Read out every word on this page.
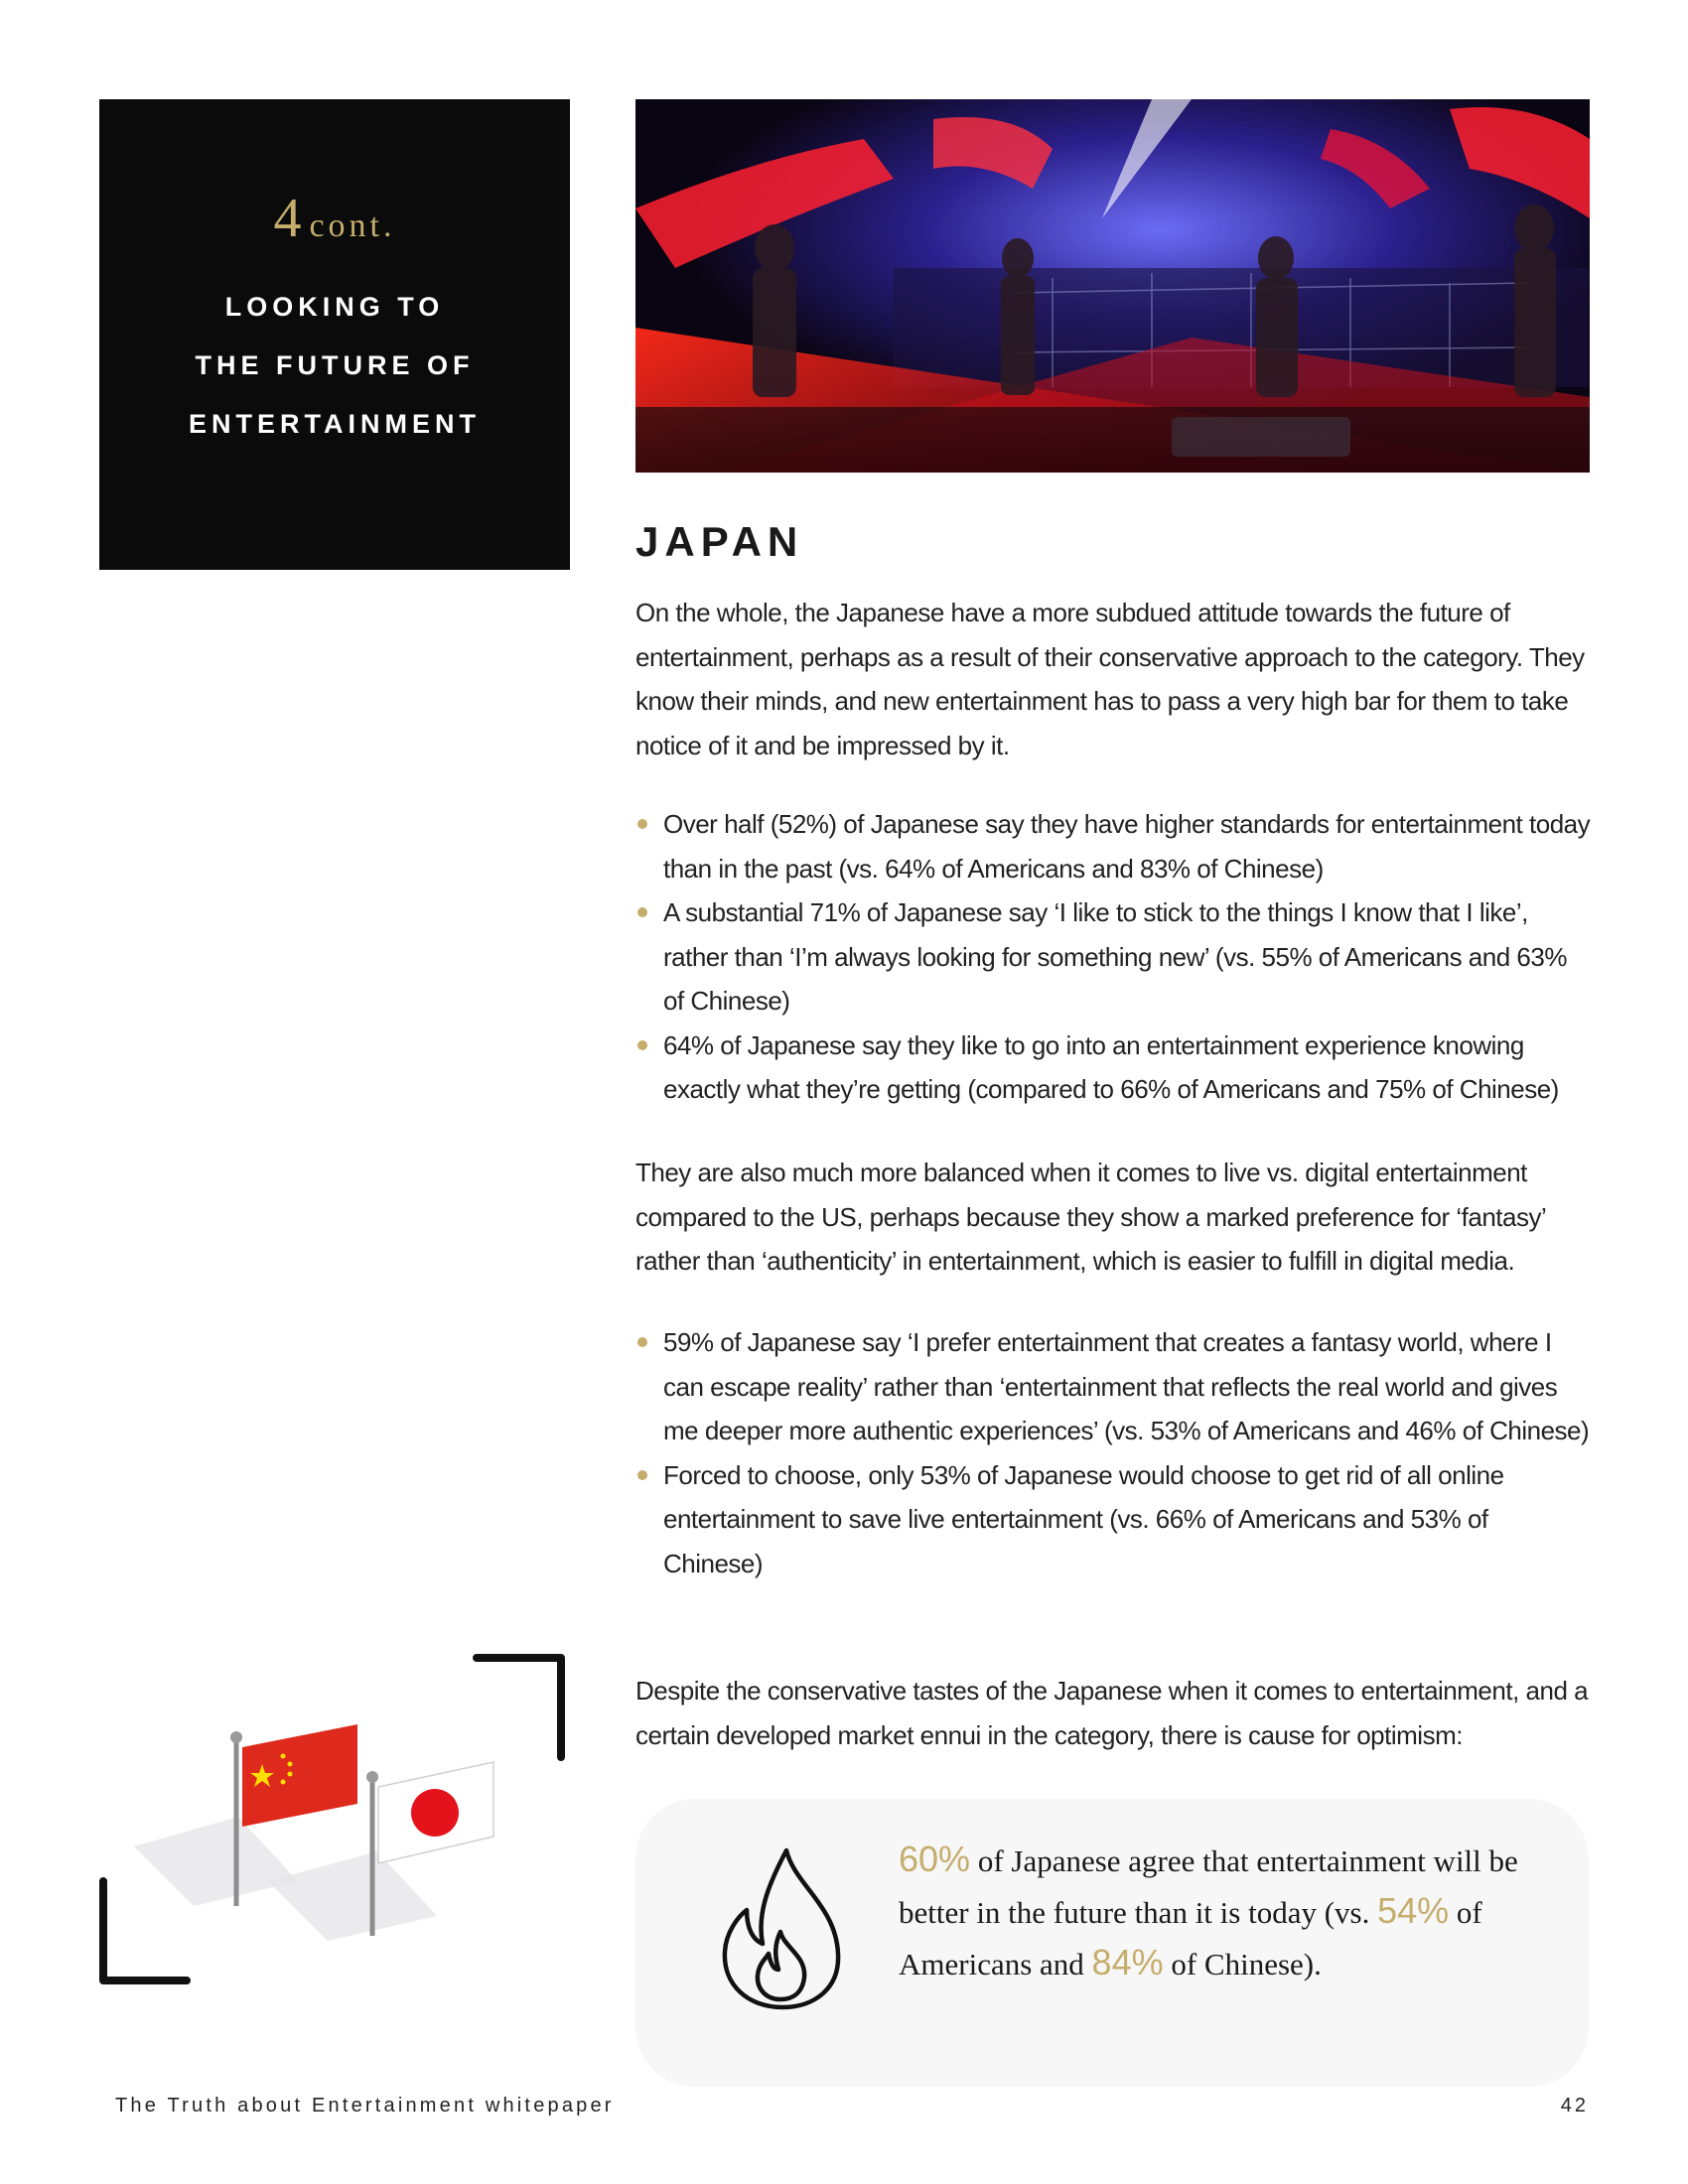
4 cont.
LOOKING TO
THE FUTURE OF
ENTERTAINMENT
JAPAN

On the whole, the Japanese have a more subdued attitude towards the future of entertainment, perhaps as a result of their conservative approach to the category. They know their minds, and new entertainment has to pass a very high bar for them to take notice of it and be impressed by it.

Over half (52%) of Japanese say they have higher standards for entertainment today than in the past (vs. 64% of Americans and 83% of Chinese)
A substantial 71% of Japanese say ‘I like to stick to the things I know that I like’, rather than ‘I’m always looking for something new’ (vs. 55% of Americans and 63% of Chinese)
64% of Japanese say they like to go into an entertainment experience knowing exactly what they’re getting (compared to 66% of Americans and 75% of Chinese)

They are also much more balanced when it comes to live vs. digital entertainment compared to the US, perhaps because they show a marked preference for ‘fantasy’ rather than ‘authenticity’ in entertainment, which is easier to fulfill in digital media.

59% of Japanese say ‘I prefer entertainment that creates a fantasy world, where I can escape reality’ rather than ‘entertainment that reflects the real world and gives me deeper more authentic experiences’ (vs. 53% of Americans and 46% of Chinese)
Forced to choose, only 53% of Japanese would choose to get rid of all online entertainment to save live entertainment (vs. 66% of Americans and 53% of Chinese)

Despite the conservative tastes of the Japanese when it comes to entertainment, and a certain developed market ennui in the category, there is cause for optimism:

60% of Japanese agree that entertainment will be better in the future than it is today (vs. 54% of Americans and 84% of Chinese).
The Truth about Entertainment whitepaper	42
